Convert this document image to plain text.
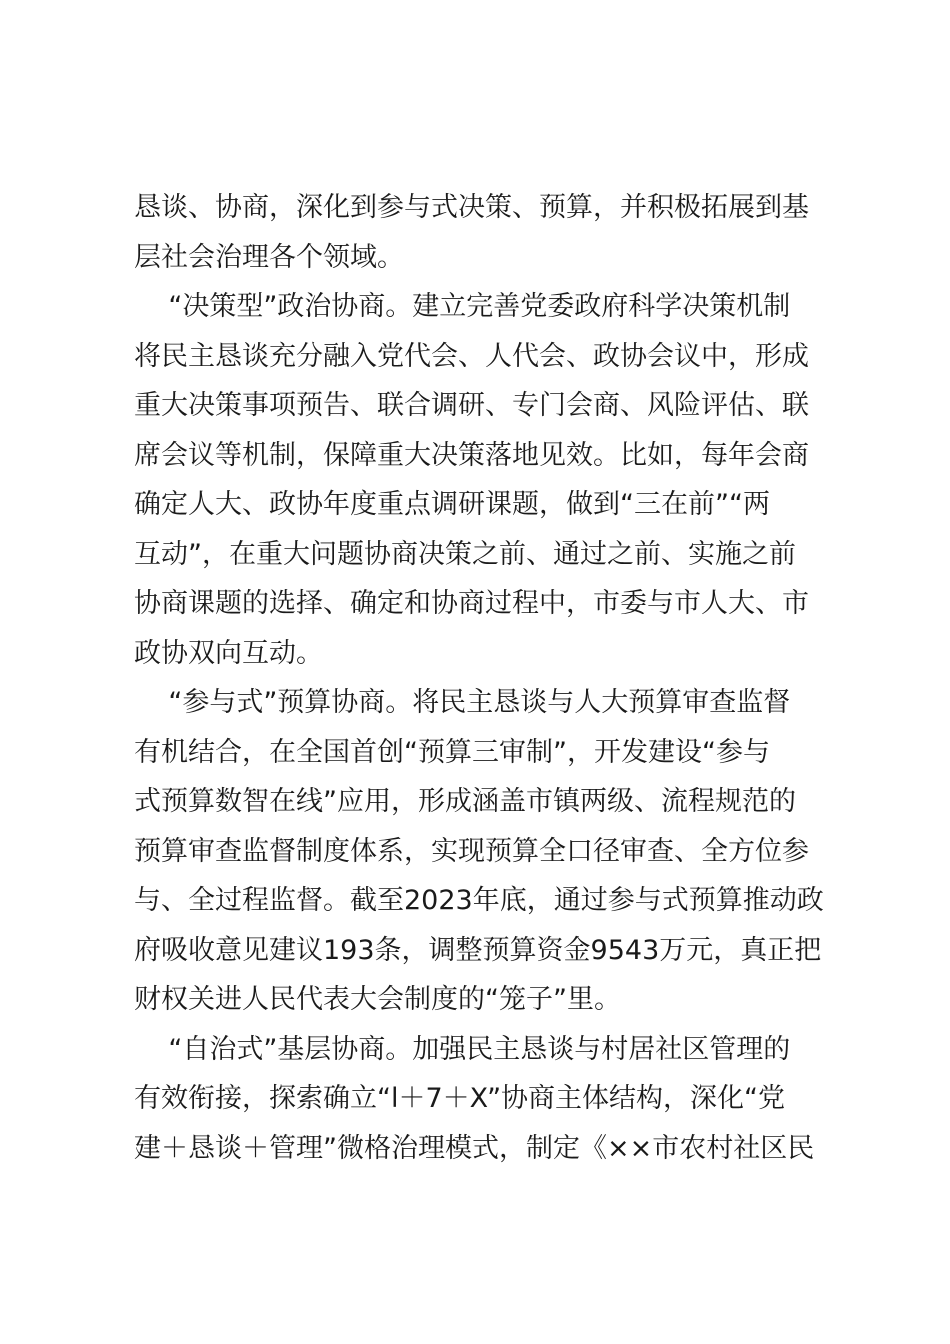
恳谈、协商，深化到参与式决策、预算，并积极拓展到基
层社会治理各个领域。
“决策型”政治协商。建立完善党委政府科学决策机制
将民主恳谈充分融入党代会、人代会、政协会议中，形成
重大决策事项预告、联合调研、专门会商、风险评估、联
席会议等机制，保障重大决策落地见效。比如，每年会商
确定人大、政协年度重点调研课题，做到“三在前”“两
互动”，在重大问题协商决策之前、通过之前、实施之前
协商课题的选择、确定和协商过程中，市委与市人大、市
政协双向互动。
“参与式”预算协商。将民主恳谈与人大预算审查监督
有机结合，在全国首创“预算三审制”，开发建设“参与
式预算数智在线”应用，形成涵盖市镇两级、流程规范的
预算审查监督制度体系，实现预算全口径审查、全方位参
与、全过程监督。截至2023年底，通过参与式预算推动政
府吸收意见建议193条，调整预算资金9543万元，真正把
财权关进人民代表大会制度的“笼子”里。
“自治式”基层协商。加强民主恳谈与村居社区管理的
有效衔接，探索确立“l＋7＋X”协商主体结构，深化“党
建＋恳谈＋管理”微格治理模式，制定《××市农村社区民
